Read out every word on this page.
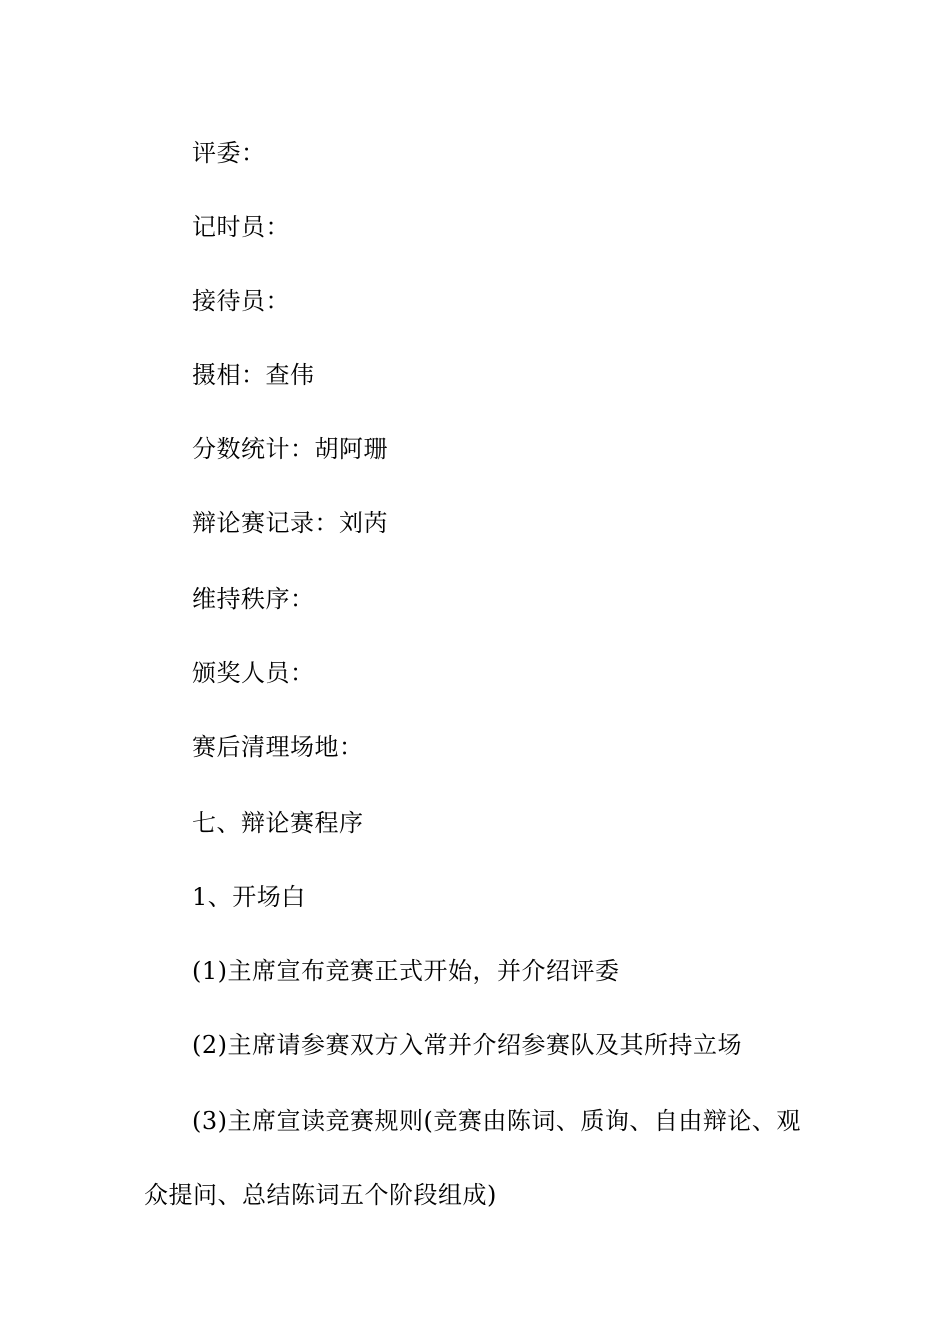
评委：
记时员：
接待员：
摄相：查伟
分数统计：胡阿珊
辩论赛记录：刘芮
维持秩序：
颁奖人员：
赛后清理场地：
七、辩论赛程序
1、开场白
(1)主席宣布竞赛正式开始，并介绍评委
(2)主席请参赛双方入常并介绍参赛队及其所持立场
(3)主席宣读竞赛规则(竞赛由陈词、质询、自由辩论、观
众提问、总结陈词五个阶段组成)
